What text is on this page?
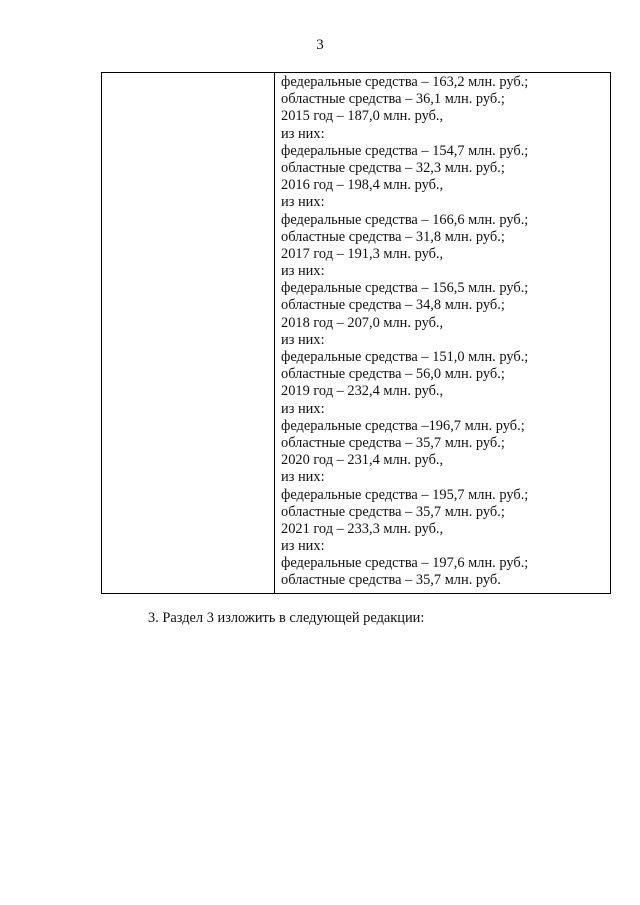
3
федеральные средства – 163,2 млн. руб.;
областные средства – 36,1 млн. руб.;
2015 год – 187,0 млн. руб.,
из них:
федеральные средства – 154,7 млн. руб.;
областные средства – 32,3 млн. руб.;
2016 год – 198,4 млн. руб.,
из них:
федеральные средства – 166,6 млн. руб.;
областные средства – 31,8 млн. руб.;
2017 год – 191,3 млн. руб.,
из них:
федеральные средства – 156,5 млн. руб.;
областные средства – 34,8 млн. руб.;
2018 год – 207,0 млн. руб.,
из них:
федеральные средства – 151,0 млн. руб.;
областные средства – 56,0 млн. руб.;
2019 год – 232,4 млн. руб.,
из них:
федеральные средства –196,7 млн. руб.;
областные средства – 35,7 млн. руб.;
2020 год – 231,4 млн. руб.,
из них:
федеральные средства – 195,7 млн. руб.;
областные средства – 35,7 млн. руб.;
2021 год – 233,3 млн. руб.,
из них:
федеральные средства – 197,6 млн. руб.;
областные средства – 35,7 млн. руб.
3. Раздел 3 изложить в следующей редакции:
